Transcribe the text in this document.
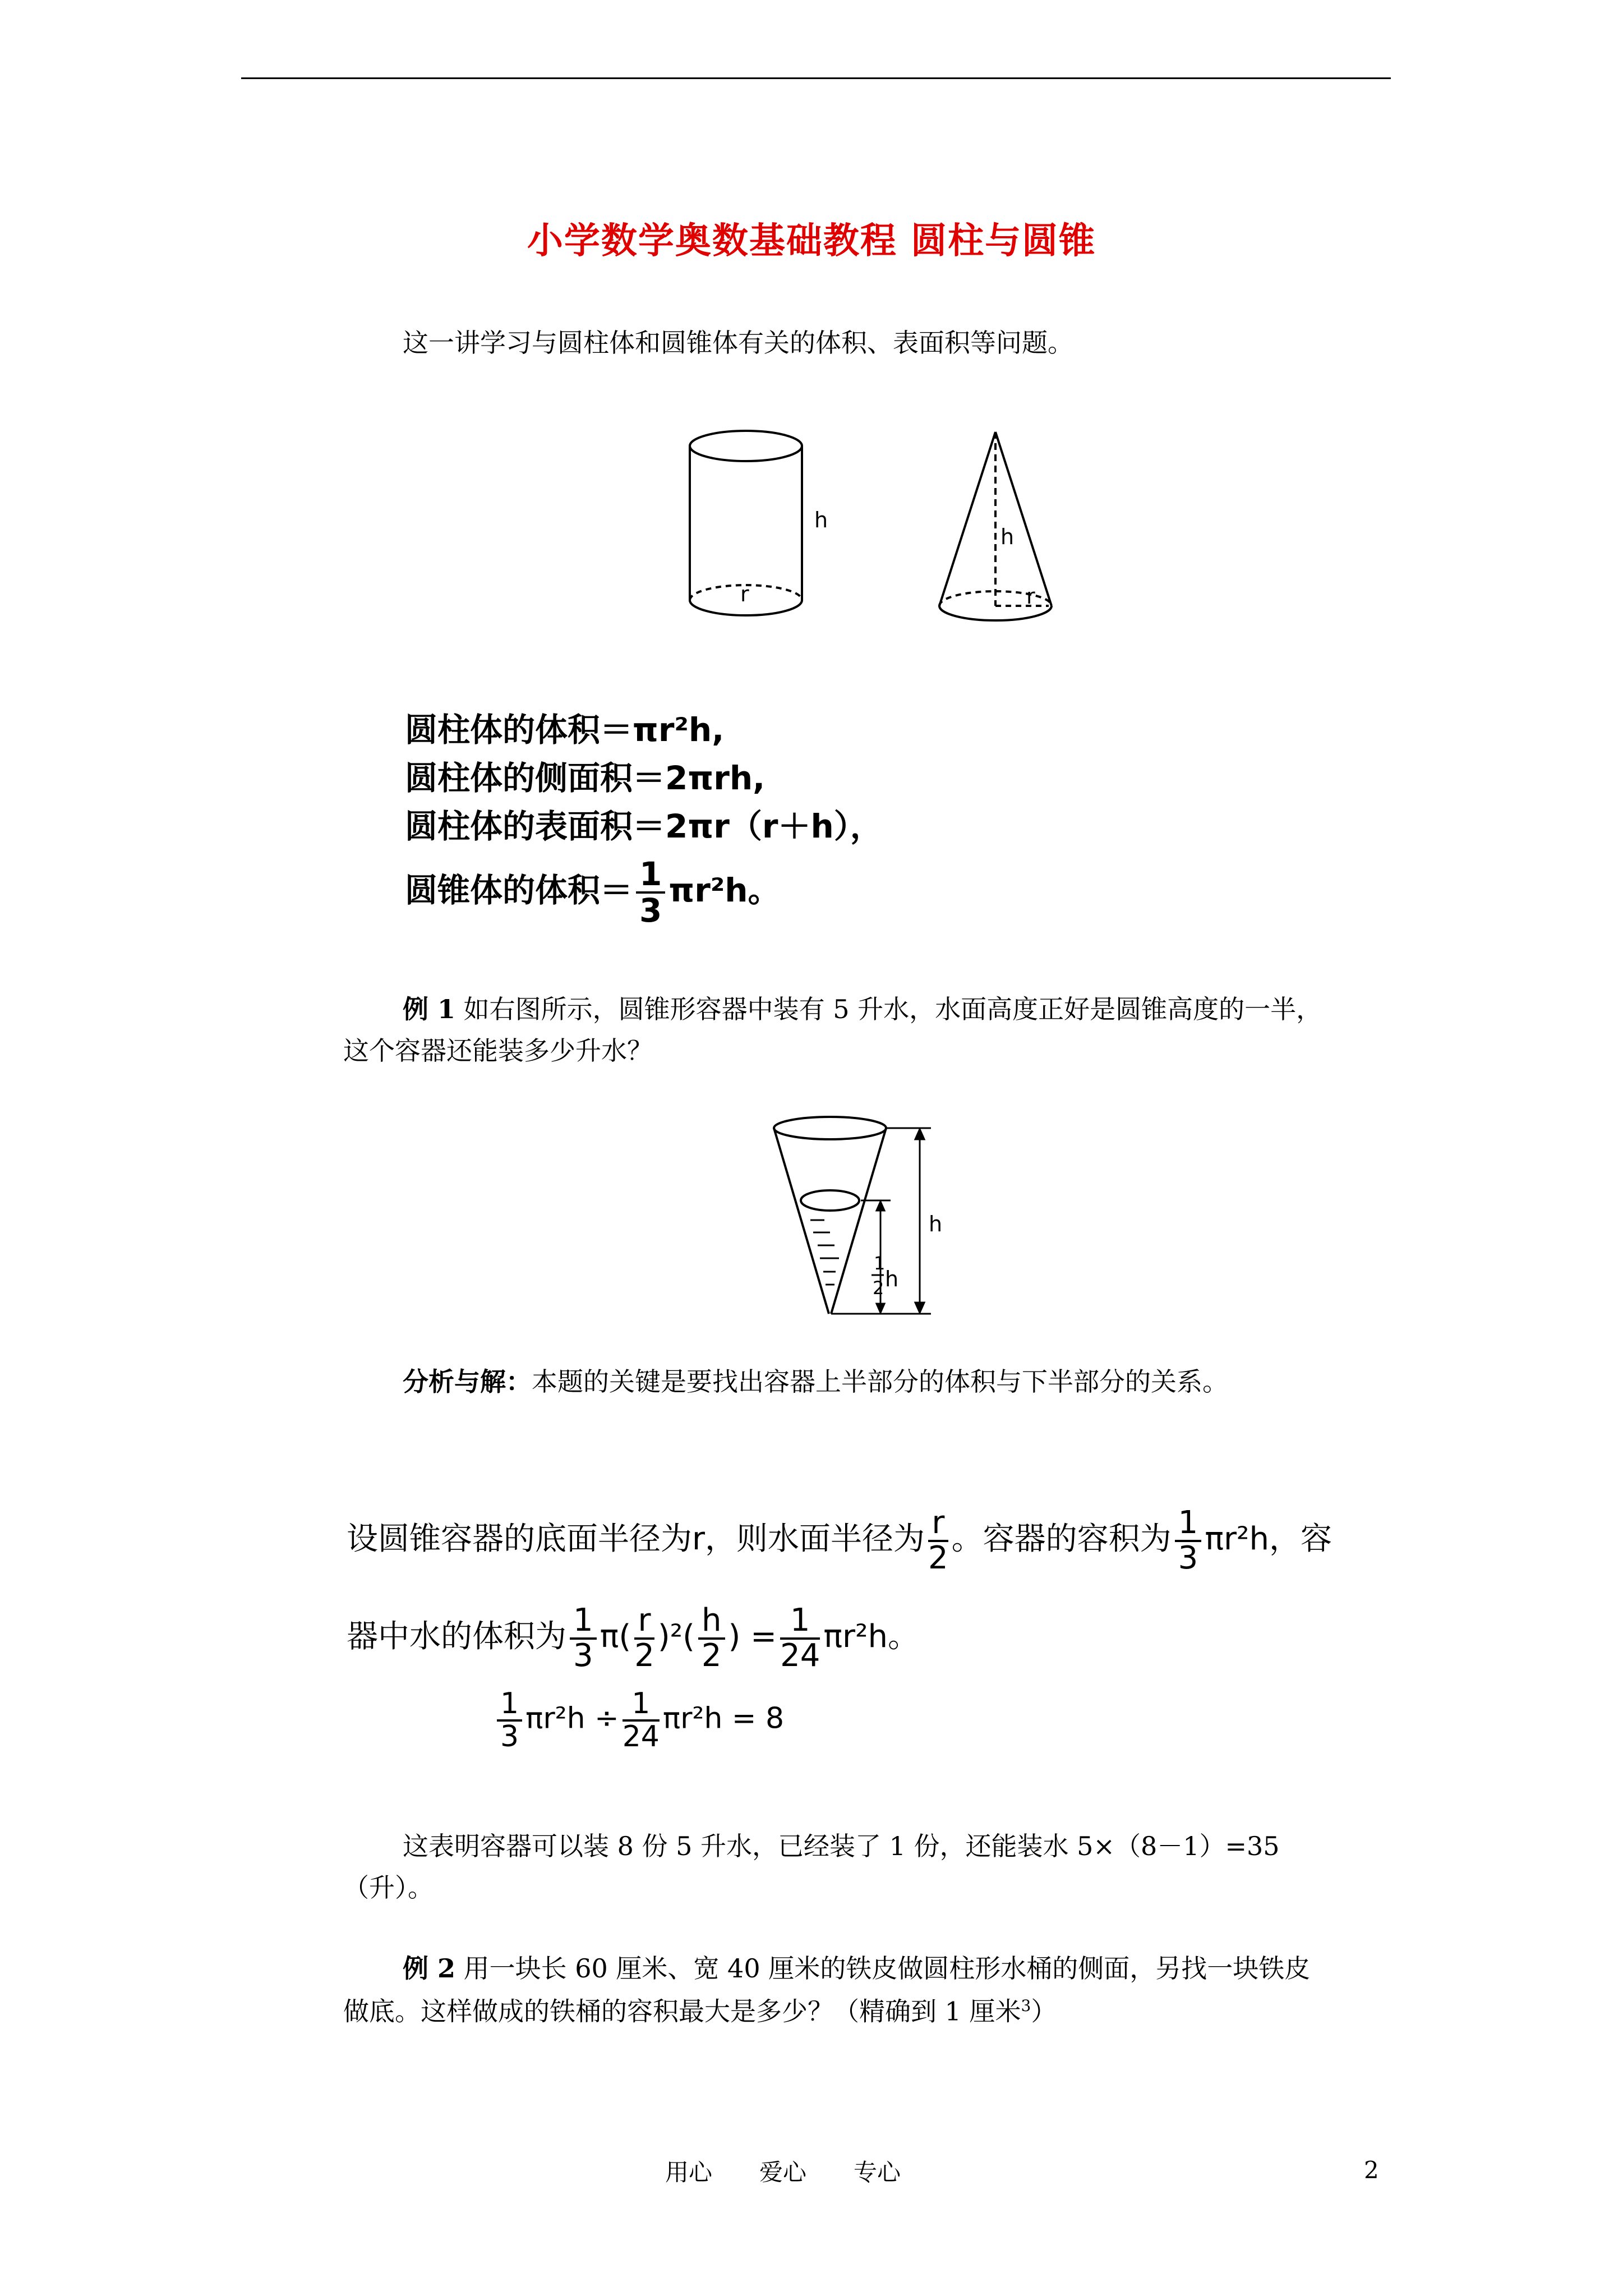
小学数学奥数基础教程 圆柱与圆锥
这一讲学习与圆柱体和圆锥体有关的体积、表面积等问题。
h
r
h
r
圆柱体的体积＝πr²h,
圆柱体的侧面积＝2πrh,
圆柱体的表面积＝2πr（r＋h），
圆锥体的体积＝ $\frac{1}{3} \pi r^2h$。
例 1 如右图所示，圆锥形容器中装有 5 升水，水面高度正好是圆锥高度的一半，
这个容器还能装多少升水？
h
1
2 h
分析与解：本题的关键是要找出容器上半部分的体积与下半部分的关系。
设圆锥容器的底面半径为r，则水面半径为 $\frac{r}{2}$ 。容器的容积为 $\frac{1}{3} \pi r^2h$，容
器中水的体积为 $\frac{1}{3} \pi( \frac{r}{2} )^2( \frac{h}{2}$ ) = $\frac{1}{24} \pi r^2h$。
$\frac{1}{3} \pi r^2h \div \frac{1}{24} \pi r^2h = 8$
这表明容器可以装 8 份 5 升水，已经装了 1 份，还能装水 5×（8－1）=35
（升）。
例 2 用一块长 60 厘米、宽 40 厘米的铁皮做圆柱形水桶的侧面，另找一块铁皮
做底。这样做成的铁桶的容积最大是多少？（精确到 1 厘米$^3$）
用心　　爱心　　专心	2
